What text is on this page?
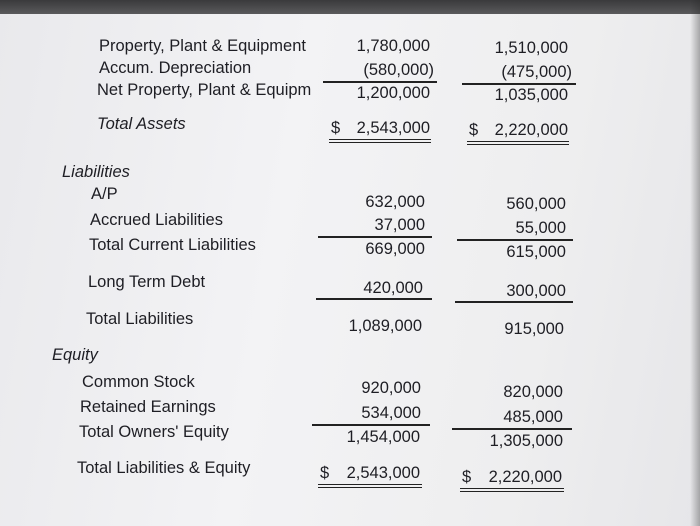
Property, Plant & Equipment	1,780,000	1,510,000
Accum. Depreciation	(580,000)	(475,000)
Net Property, Plant & Equipm	1,200,000	1,035,000
Total Assets	$ 2,543,000 $ 2,220,000
Liabilities
A/P	632,000	560,000
Accrued Liabilities	37,000	55,000
Total Current Liabilities	669,000	615,000
Long Term Debt	420,000	300,000
Total Liabilities	1,089,000	915,000
Equity
Common Stock	920,000	820,000
Retained Earnings	534,000	485,000
Total Owners' Equity	1,454,000	1,305,000
Total Liabilities & Equity	$	2,543,000	$	2,220,000
